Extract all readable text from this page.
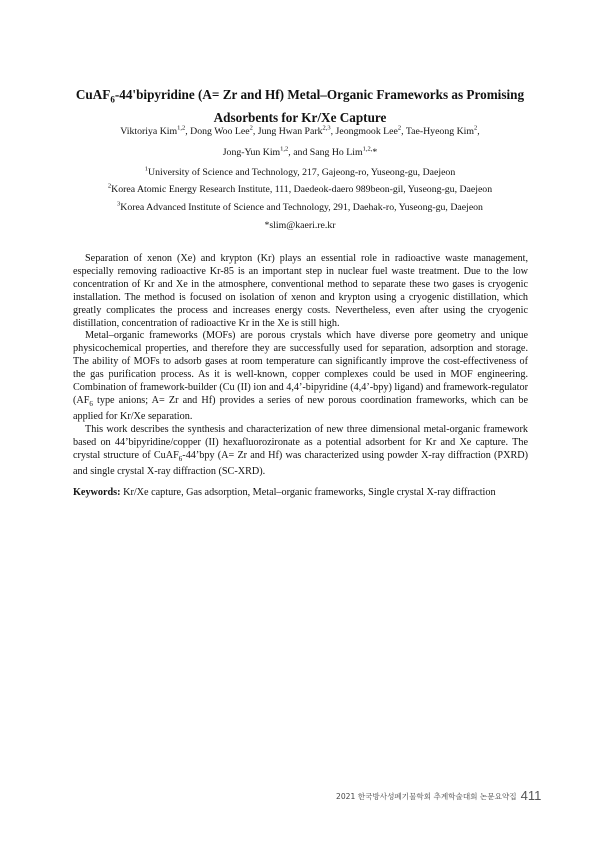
CuAF$_6$-44'bipyridine (A= Zr and Hf) Metal–Organic Frameworks as Promising
Adsorbents for Kr/Xe Capture
Viktoriya Kim$^{1,2}$, Dong Woo Lee$^2$, Jung Hwan Park$^{2,3}$, Jeongmook Lee$^2$, Tae-Hyeong Kim$^2$,
Jong-Yun Kim$^{1,2}$, and Sang Ho Lim$^{1,2,}$*
$^1$University of Science and Technology, 217, Gajeong-ro, Yuseong-gu, Daejeon
$^2$Korea Atomic Energy Research Institute, 111, Daedeok-daero 989beon-gil, Yuseong-gu, Daejeon
$^3$Korea Advanced Institute of Science and Technology, 291, Daehak-ro, Yuseong-gu, Daejeon
*slim@kaeri.re.kr

Separation of xenon (Xe) and krypton (Kr) plays an essential role in radioactive waste management, especially removing radioactive Kr-85 is an important step in nuclear fuel waste treatment. Due to the low concentration of Kr and Xe in the atmosphere, conventional method to separate these two gases is cryogenic installation. The method is focused on isolation of xenon and krypton using a cryogenic distillation, which greatly complicates the process and increases energy costs. Nevertheless, even after using the cryogenic distillation, concentration of radioactive Kr in the Xe is still high.

Metal–organic frameworks (MOFs) are porous crystals which have diverse pore geometry and unique physicochemical properties, and therefore they are successfully used for separation, adsorption and storage. The ability of MOFs to adsorb gases at room temperature can significantly improve the cost-effectiveness of the gas purification process. As it is well-known, copper complexes could be used in MOF engineering. Combination of framework-builder (Cu (II) ion and 4,4’-bipyridine (4,4’-bpy) ligand) and framework-regulator ($AF_6$ type anions; A= Zr and Hf) provides a series of new porous coordination frameworks, which can be applied for Kr/Xe separation.

This work describes the synthesis and characterization of new three dimensional metal-organic framework based on 44’bipyridine/copper (II) hexafluorozironate as a potential adsorbent for Kr and Xe capture. The crystal structure of CuAF$_6$-44’bpy (A= Zr and Hf) was characterized using powder X-ray diffraction (PXRD) and single crystal X-ray diffraction (SC-XRD).

Keywords: Kr/Xe capture, Gas adsorption, Metal–organic frameworks, Single crystal X-ray diffraction
2021 한국방사성폐기물학회 추계학술대회 논문요약집 411
